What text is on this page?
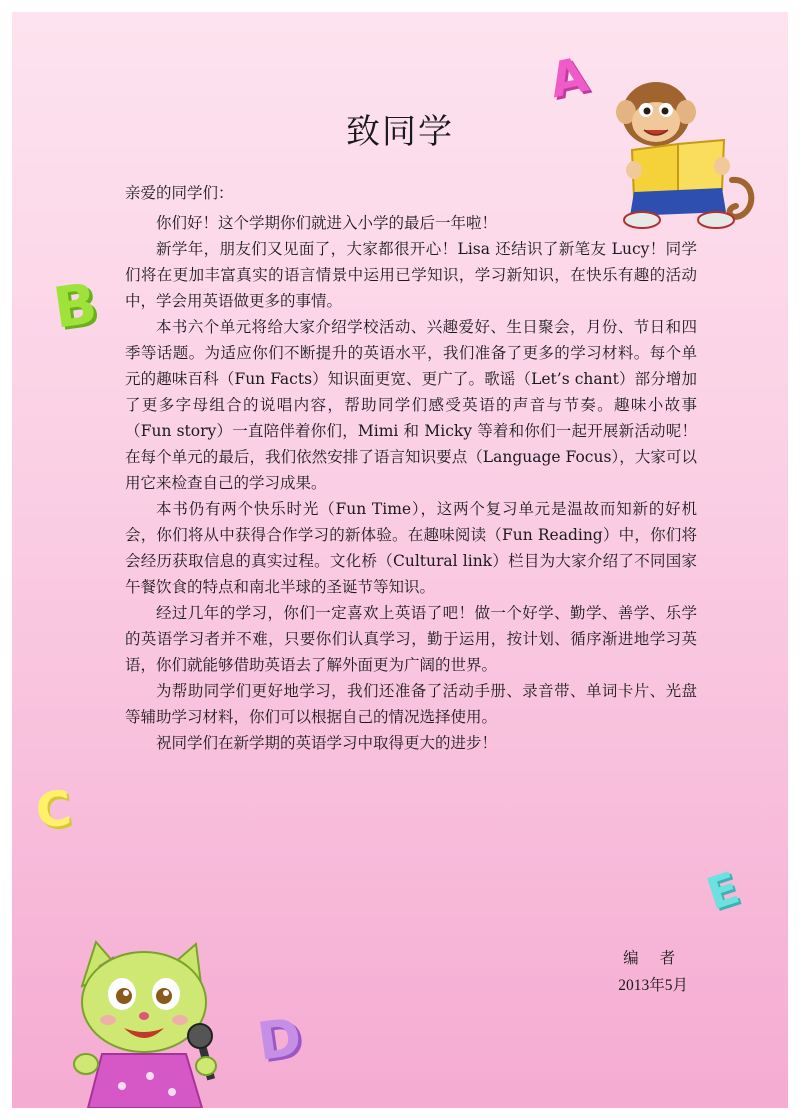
A
B
C
D
E
致同学

亲爱的同学们：

你们好！这个学期你们就进入小学的最后一年啦！

新学年，朋友们又见面了，大家都很开心！Lisa 还结识了新笔友 Lucy！同学们将在更加丰富真实的语言情景中运用已学知识，学习新知识，在快乐有趣的活动中，学会用英语做更多的事情。

本书六个单元将给大家介绍学校活动、兴趣爱好、生日聚会，月份、节日和四季等话题。为适应你们不断提升的英语水平，我们准备了更多的学习材料。每个单元的趣味百科（Fun Facts）知识面更宽、更广了。歌谣（Let’s chant）部分增加了更多字母组合的说唱内容，帮助同学们感受英语的声音与节奏。趣味小故事（Fun story）一直陪伴着你们，Mimi 和 Micky 等着和你们一起开展新活动呢！在每个单元的最后，我们依然安排了语言知识要点（Language Focus），大家可以用它来检查自己的学习成果。

本书仍有两个快乐时光（Fun Time），这两个复习单元是温故而知新的好机会，你们将从中获得合作学习的新体验。在趣味阅读（Fun Reading）中，你们将会经历获取信息的真实过程。文化桥（Cultural link）栏目为大家介绍了不同国家午餐饮食的特点和南北半球的圣诞节等知识。

经过几年的学习，你们一定喜欢上英语了吧！做一个好学、勤学、善学、乐学的英语学习者并不难，只要你们认真学习，勤于运用，按计划、循序渐进地学习英语，你们就能够借助英语去了解外面更为广阔的世界。

为帮助同学们更好地学习，我们还准备了活动手册、录音带、单词卡片、光盘等辅助学习材料，你们可以根据自己的情况选择使用。

祝同学们在新学期的英语学习中取得更大的进步！

编 者
2013年5月
